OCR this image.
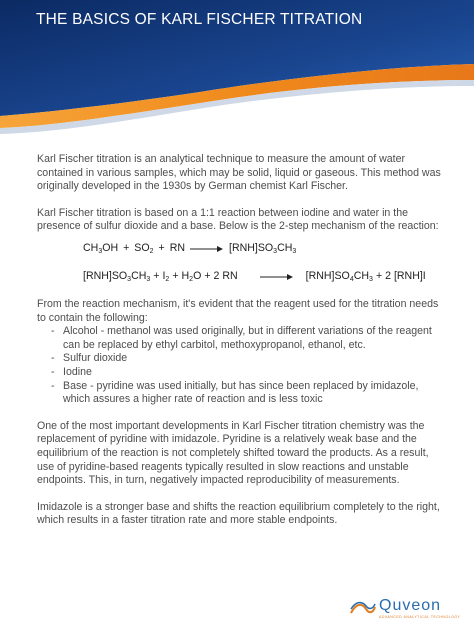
THE BASICS OF KARL FISCHER TITRATION

Karl Fischer titration is an analytical technique to measure the amount of water contained in various samples, which may be solid, liquid or gaseous. This method was originally developed in the 1930s by German chemist Karl Fischer.

Karl Fischer titration is based on a 1:1 reaction between iodine and water in the presence of sulfur dioxide and a base. Below is the 2-step mechanism of the reaction:

$CH_3OH + SO_2$ + RN → $[RNH]SO_3CH_3$
$[RNH]SO_3CH_3 + I_2 + H_2O + 2$ RN → $[RNH]SO_4CH_3 + 2$ [RNH]I

From the reaction mechanism, it's evident that the reagent used for the titration needs to contain the following:

- Alcohol - methanol was used originally, but in different variations of the reagent can be replaced by ethyl carbitol, methoxypropanol, ethanol, etc.
- Sulfur dioxide
- Iodine
- Base - pyridine was used initially, but has since been replaced by imidazole, which assures a higher rate of reaction and is less toxic

One of the most important developments in Karl Fischer titration chemistry was the replacement of pyridine with imidazole. Pyridine is a relatively weak base and the equilibrium of the reaction is not completely shifted toward the products. As a result, use of pyridine-based reagents typically resulted in slow reactions and unstable endpoints. This, in turn, negatively impacted reproducibility of measurements.

Imidazole is a stronger base and shifts the reaction equilibrium completely to the right, which results in a faster titration rate and more stable endpoints.

Quveon
ADVANCED ANALYTICAL TECHNOLOGY
